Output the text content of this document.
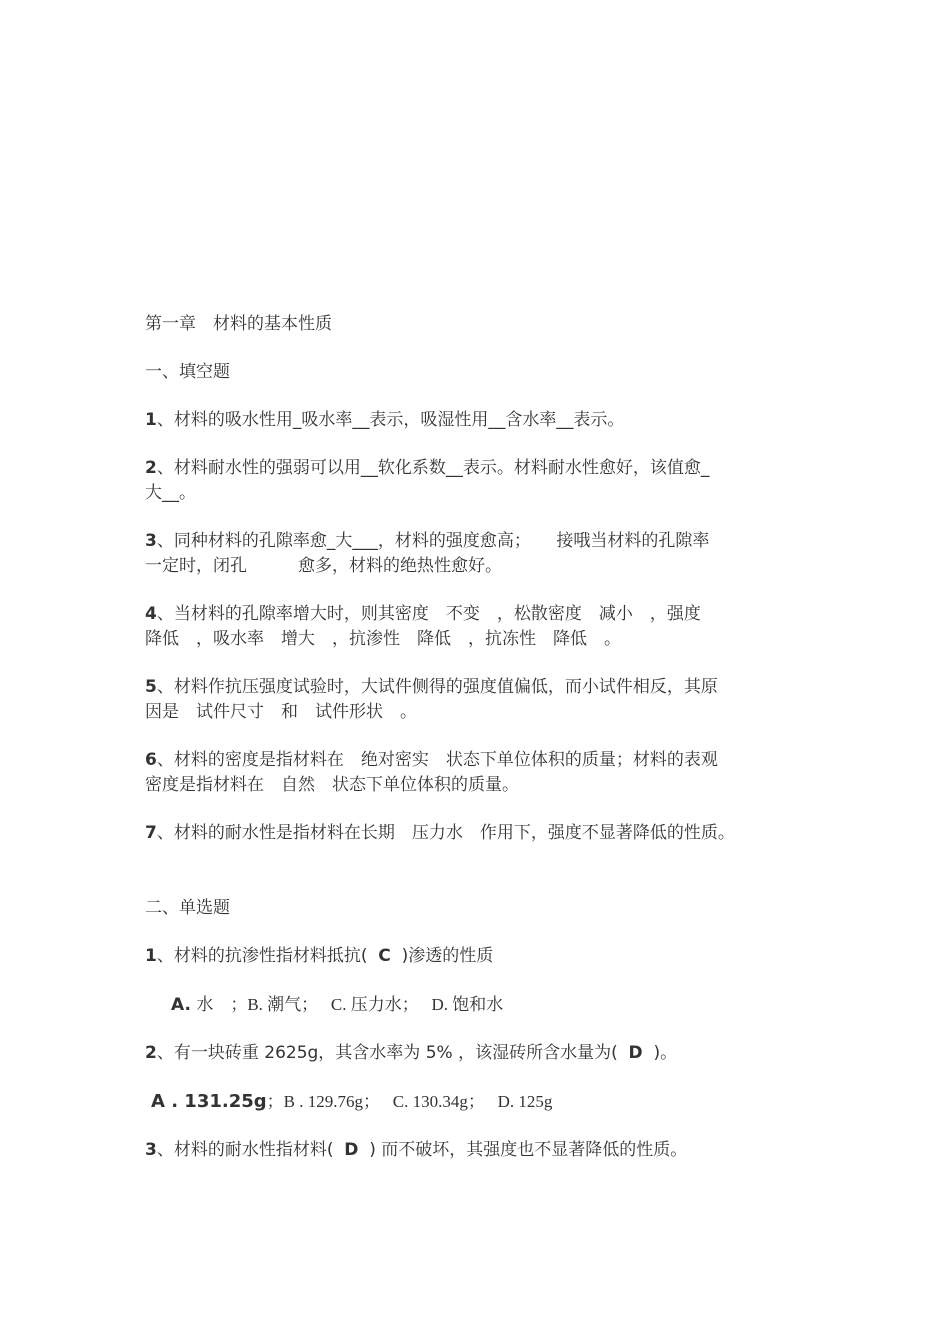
第一章　材料的基本性质
一、填空题
1、材料的吸水性用_吸水率__表示，吸湿性用__含水率__表示。
2、材料耐水性的强弱可以用__软化系数__表示。材料耐水性愈好，该值愈_
大__。
3、同种材料的孔隙率愈_大___，材料的强度愈高；　　接哦当材料的孔隙率
一定时，闭孔　　　愈多，材料的绝热性愈好。
4、当材料的孔隙率增大时，则其密度　不变　，松散密度　减小　，强度
降低　，吸水率　增大　，抗渗性　降低　，抗冻性　降低　。
5、材料作抗压强度试验时，大试件侧得的强度值偏低，而小试件相反，其原
因是　试件尺寸　和　试件形状　。
6、材料的密度是指材料在　绝对密实　状态下单位体积的质量；材料的表观
密度是指材料在　自然　状态下单位体积的质量。
7、材料的耐水性是指材料在长期　压力水　作用下，强度不显著降低的性质。
二、单选题
1、材料的抗渗性指材料抵抗( C )渗透的性质
A. 水　；B. 潮气；　 C. 压力水；　 D. 饱和水
2、有一块砖重 2625g，其含水率为 5% ，该湿砖所含水量为( D )。
A . 131.25g；B . 129.76g；　 C. 130.34g；　 D. 125g
3、材料的耐水性指材料( D ) 而不破坏，其强度也不显著降低的性质。
